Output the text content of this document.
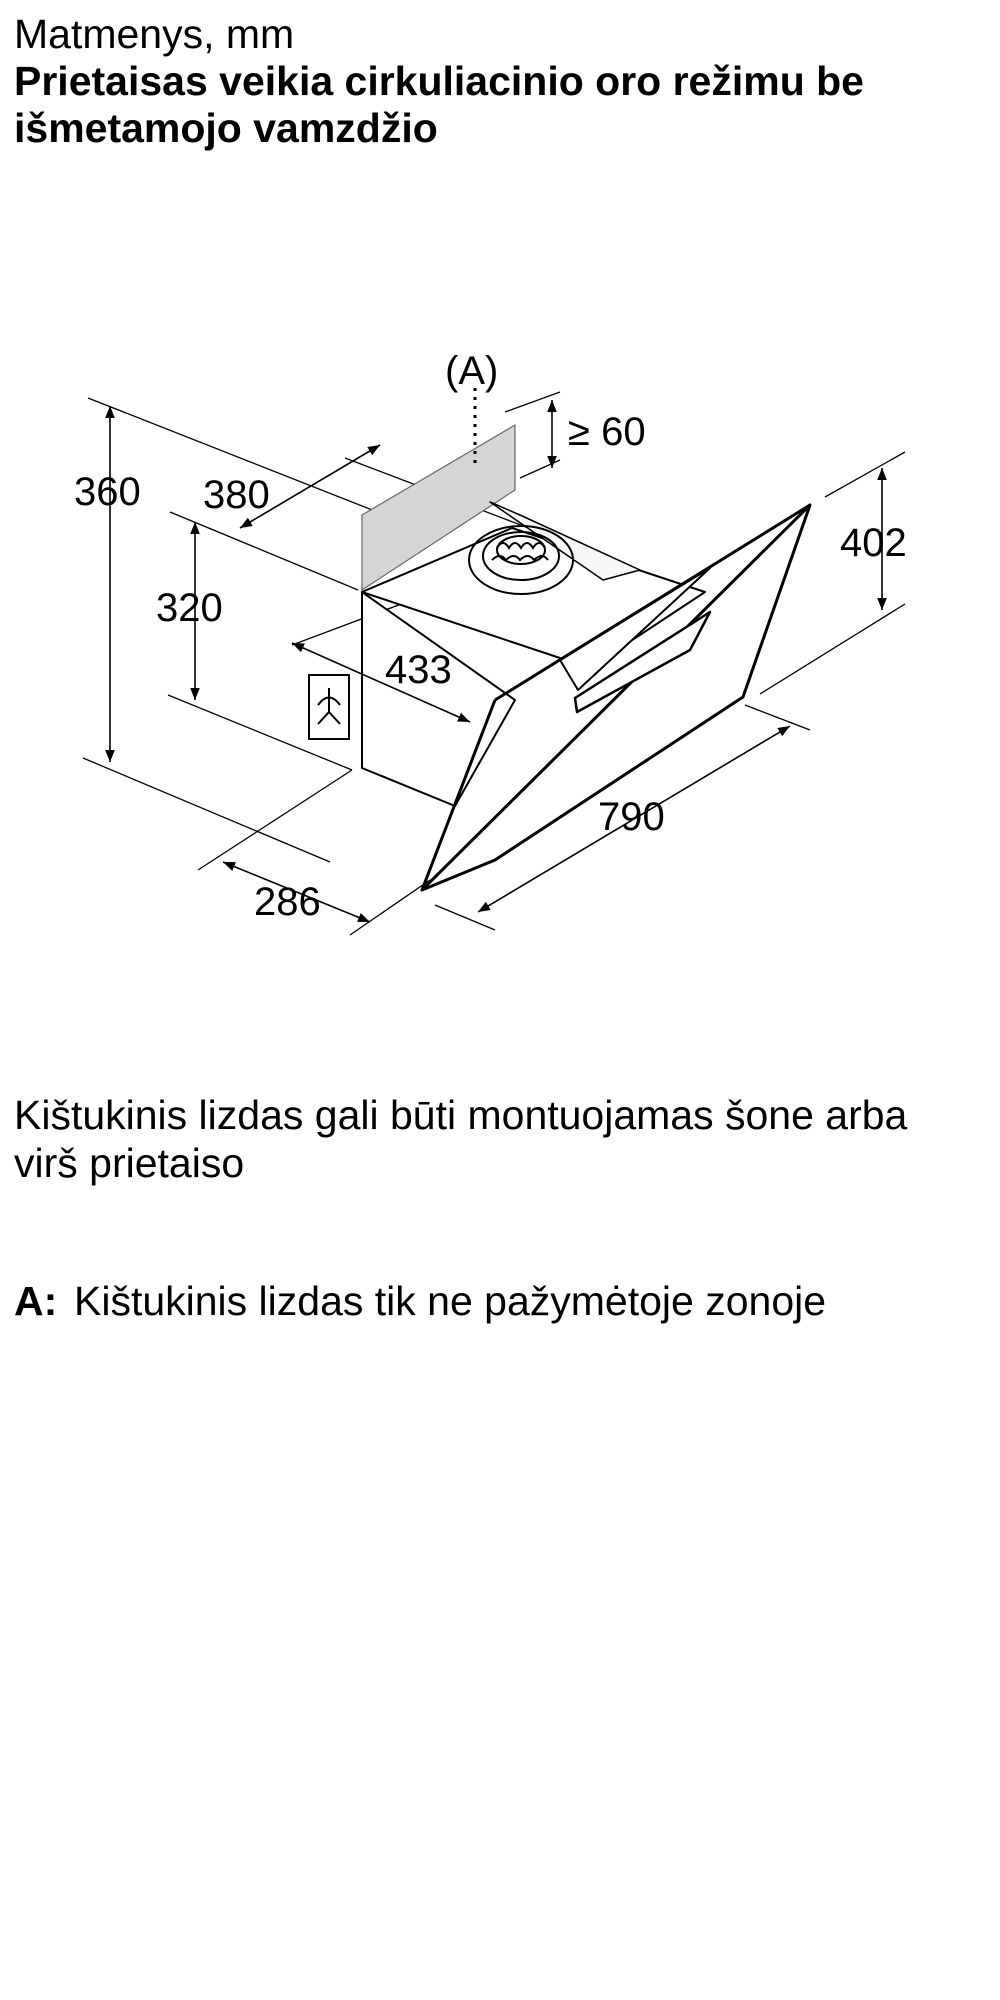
Matmenys, mm
Prietaisas veikia cirkuliacinio oro režimu be išmetamojo vamzdžio
(A)
≥ 60
360 380
320
433
286
790
402

Kištukinis lizdas gali būti montuojamas šone arba virš prietaiso

A: Kištukinis lizdas tik ne pažymėtoje zonoje
